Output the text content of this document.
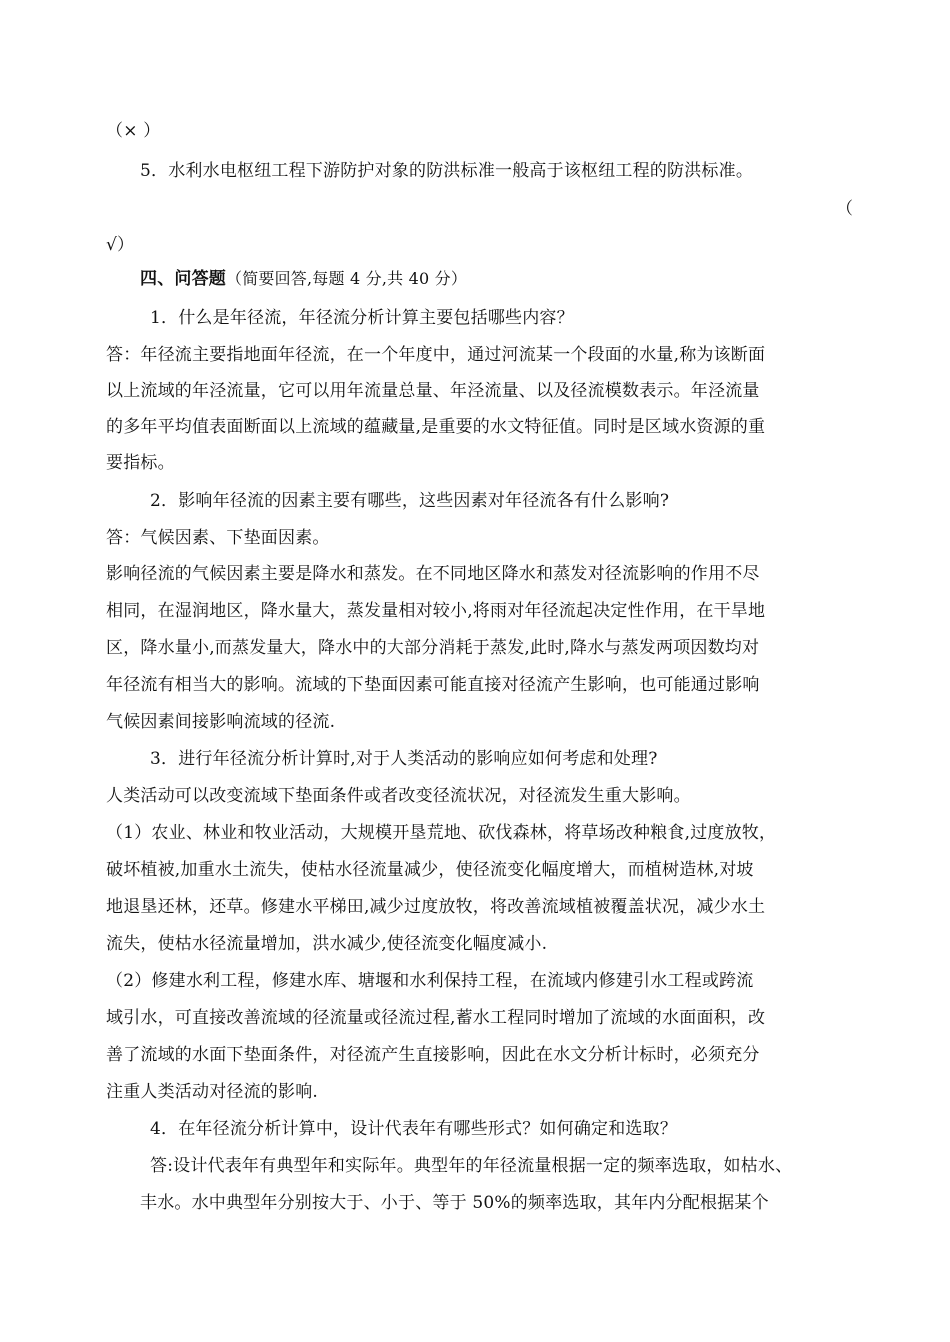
（× ）
5．水利水电枢纽工程下游防护对象的防洪标准一般高于该枢纽工程的防洪标准。
（
√）
四、问答题（简要回答,每题 4 分,共 40 分）
1．什么是年径流，年径流分析计算主要包括哪些内容？
答：年径流主要指地面年径流，在一个年度中，通过河流某一个段面的水量,称为该断面
以上流域的年泾流量，它可以用年流量总量、年泾流量、以及径流模数表示。年泾流量
的多年平均值表面断面以上流域的蕴藏量,是重要的水文特征值。同时是区域水资源的重
要指标。
2．影响年径流的因素主要有哪些，这些因素对年径流各有什么影响?
答：气候因素、下垫面因素。
影响径流的气候因素主要是降水和蒸发。在不同地区降水和蒸发对径流影响的作用不尽
相同，在湿润地区，降水量大，蒸发量相对较小,将雨对年径流起决定性作用，在干旱地
区，降水量小,而蒸发量大，降水中的大部分消耗于蒸发,此时,降水与蒸发两项因数均对
年径流有相当大的影响。流域的下垫面因素可能直接对径流产生影响，也可能通过影响
气候因素间接影响流域的径流.
3．进行年径流分析计算时,对于人类活动的影响应如何考虑和处理?
人类活动可以改变流域下垫面条件或者改变径流状况，对径流发生重大影响。
（1）农业、林业和牧业活动，大规模开垦荒地、砍伐森林，将草场改种粮食,过度放牧，
破坏植被,加重水土流失，使枯水径流量减少，使径流变化幅度增大，而植树造林,对坡
地退垦还林，还草。修建水平梯田,减少过度放牧，将改善流域植被覆盖状况，减少水土
流失，使枯水径流量增加，洪水减少,使径流变化幅度减小.
（2）修建水利工程，修建水库、塘堰和水利保持工程，在流域内修建引水工程或跨流
域引水，可直接改善流域的径流量或径流过程,蓄水工程同时增加了流域的水面面积，改
善了流域的水面下垫面条件，对径流产生直接影响，因此在水文分析计标时，必须充分
注重人类活动对径流的影响.
4．在年径流分析计算中，设计代表年有哪些形式？如何确定和选取？
答:设计代表年有典型年和实际年。典型年的年径流量根据一定的频率选取，如枯水、
丰水。水中典型年分别按大于、小于、等于 50%的频率选取，其年内分配根据某个
